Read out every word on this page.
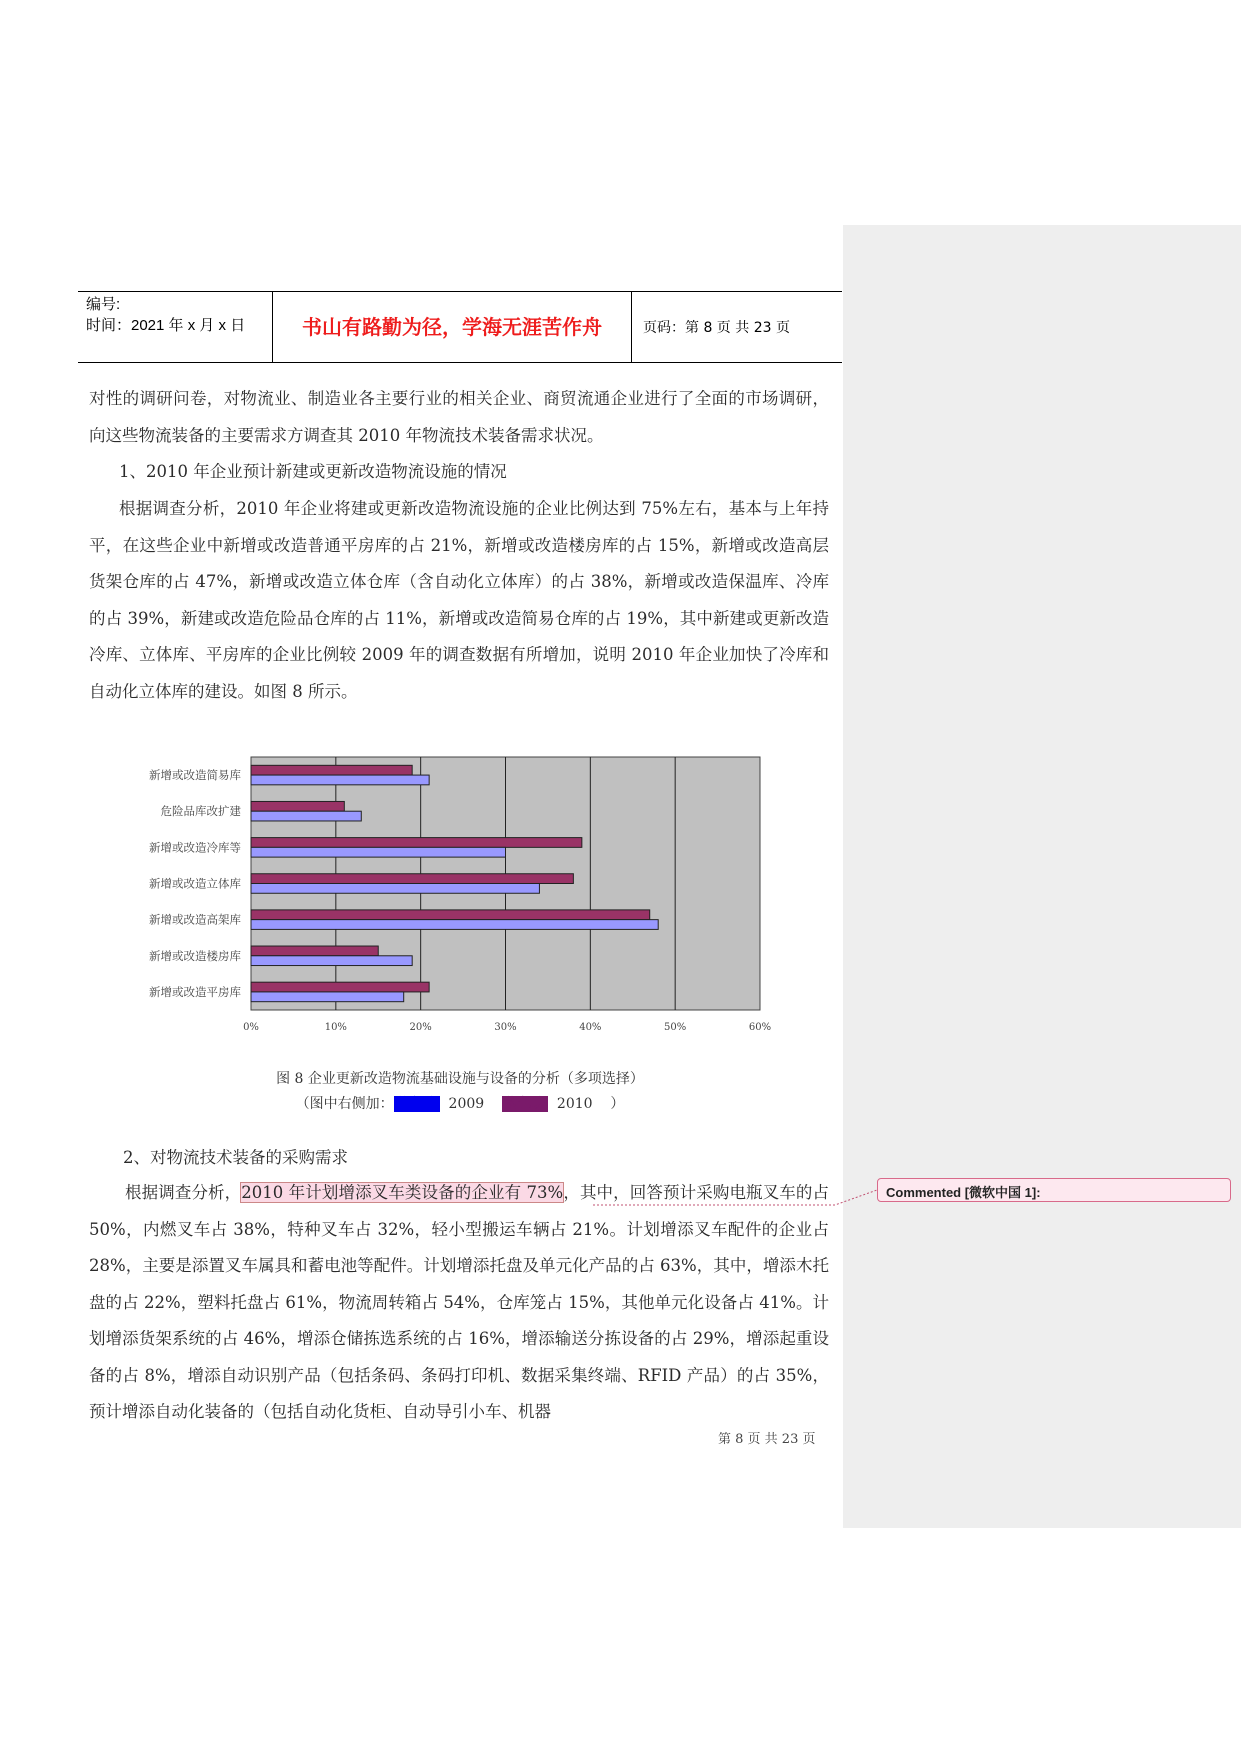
Commented [微软中国 1]:
编号:
时间：2021 年 x 月 x 日	书山有路勤为径，学海无涯苦作舟	页码：第 8 页 共 23 页
对性的调研问卷，对物流业、制造业各主要行业的相关企业、商贸流通企业进行了全面的市场调研，向这些物流装备的主要需求方调查其 2010 年物流技术装备需求状况。
1、2010 年企业预计新建或更新改造物流设施的情况
根据调查分析，2010 年企业将建或更新改造物流设施的企业比例达到 75%左右，基本与上年持平，在这些企业中新增或改造普通平房库的占 21%，新增或改造楼房库的占 15%，新增或改造高层货架仓库的占 47%，新增或改造立体仓库（含自动化立体库）的占 38%，新增或改造保温库、冷库的占 39%，新建或改造危险品仓库的占 11%，新增或改造简易仓库的占 19%，其中新建或更新改造冷库、立体库、平房库的企业比例较 2009 年的调查数据有所增加，说明 2010 年企业加快了冷库和自动化立体库的建设。如图 8 所示。
0%	10%	20%	30%	40%	50%	60%
新增或改造简易库
危险品库改扩建
新增或改造冷库等
新增或改造立体库
新增或改造高架库
新增或改造楼房库
新增或改造平房库
图 8 企业更新改造物流基础设施与设备的分析（多项选择）
（图中右侧加： 蓝色块 2009 紫色块 2010 ）
2、对物流技术装备的采购需求
根据调查分析，2010 年计划增添叉车类设备的企业有 73%，其中，回答预计采购电瓶叉车的占 50%，内燃叉车占 38%，特种叉车占 32%，轻小型搬运车辆占 21%。计划增添叉车配件的企业占 28%，主要是添置叉车属具和蓄电池等配件。计划增添托盘及单元化产品的占 63%，其中，增添木托盘的占 22%，塑料托盘占 61%，物流周转箱占 54%，仓库笼占 15%，其他单元化设备占 41%。计划增添货架系统的占 46%，增添仓储拣选系统的占 16%，增添输送分拣设备的占 29%，增添起重设备的占 8%，增添自动识别产品（包括条码、条码打印机、数据采集终端、RFID 产品）的占 35%，预计增添自动化装备的（包括自动化货柜、自动导引小车、机器
第 8 页 共 23 页
